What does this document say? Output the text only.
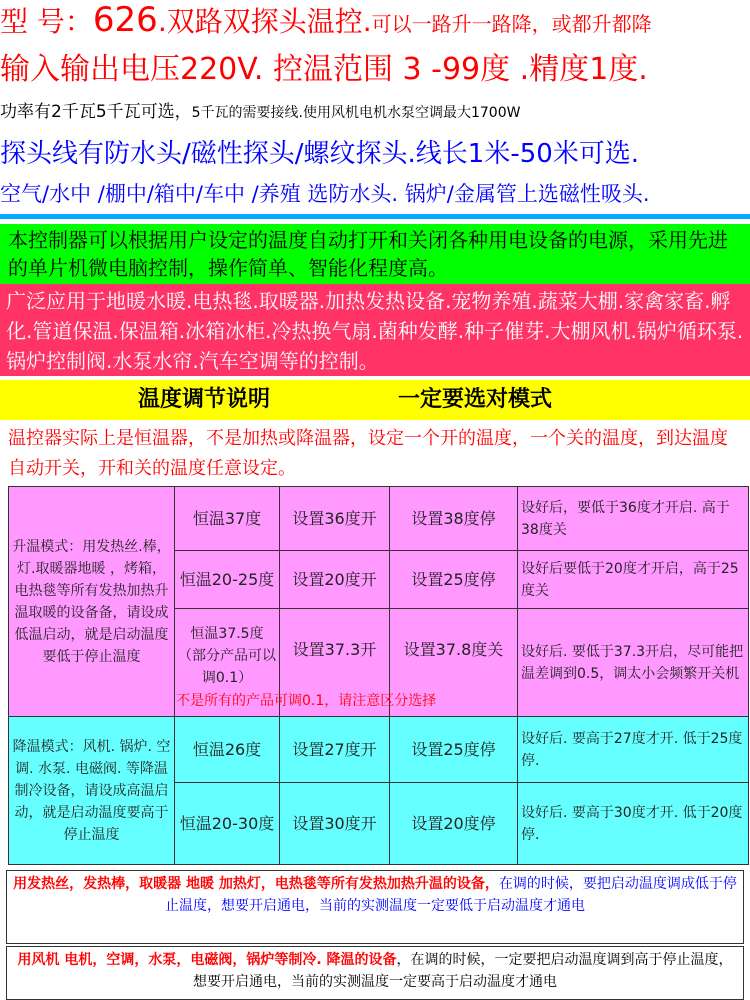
型 号：626.双路双探头温控.可以一路升一路降，或都升都降
输入输出电压220V. 控温范围 3 -99度 .精度1度.
功率有2千瓦5千瓦可选，5千瓦的需要接线.使用风机电机水泵空调最大1700W
探头线有防水头/磁性探头/螺纹探头.线长1米-50米可选.
空气/水中 /棚中/箱中/车中 /养殖 选防水头. 锅炉/金属管上选磁性吸头.
本控制器可以根据用户设定的温度自动打开和关闭各种用电设备的电源，采用先进的单片机微电脑控制，操作简单、智能化程度高。
广泛应用于地暖水暖.电热毯.取暖器.加热发热设备.宠物养殖.蔬菜大棚.家禽家畜.孵化.管道保温.保温箱.冰箱冰柜.冷热换气扇.菌种发酵.种子催芽.大棚风机.锅炉循环泵. 锅炉控制阀.水泵水帘.汽车空调等的控制。
温度调节说明	一定要选对模式
温控器实际上是恒温器，不是加热或降温器，设定一个开的温度，一个关的温度，到达温度自动开关，开和关的温度任意设定。
升温模式：用发热丝.棒，灯.取暖器地暖 ，烤箱，电热毯等所有发热加热升温取暖的设备备，请设成低温启动，就是启动温度要低于停止温度	恒温37度	设置36度开	设置38度停	设好后，要低于36度才开启. 高于38度关
	恒温20-25度	设置20度开	设置25度停	设好后要低于20度才开启，高于25度关
	恒温37.5度（部分产品可以调0.1）	设置37.3开	设置37.8度关	设好后. 要低于37.3开启，尽可能把温差调到0.5，调太小会频繁开关机
降温模式：风机. 锅炉. 空调. 水泵. 电磁阀. 等降温制冷设备，请设成高温启动，就是启动温度要高于停止温度	恒温26度	设置27度开	设置25度停	设好后. 要高于27度才开. 低于25度停.
	恒温20-30度	设置30度开	设置20度停	设好后. 要高于30度才开. 低于20度停.
不是所有的产品可调0.1，请注意区分选择
用发热丝，发热棒，取暖器 地暖 加热灯，电热毯等所有发热加热升温的设备，在调的时候，要把启动温度调成低于停止温度，想要开启通电，当前的实测温度一定要低于启动温度才通电
用风机 电机，空调，水泵，电磁阀，锅炉等制冷. 降温的设备，在调的时候，一定要把启动温度调到高于停止温度，想要开启通电，当前的实测温度一定要高于启动温度才通电
